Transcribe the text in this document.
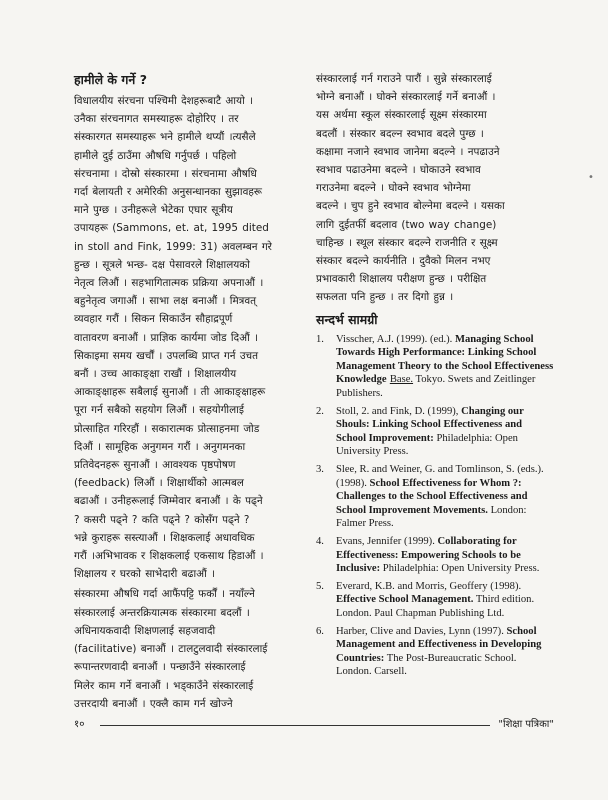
हामीले के गर्ने ?
विधालयीय संरचना पश्चिमी देशहरूबाटै आयो ।
उनैका संरचनागत समस्याहरू दोहोरिए । तर
संस्कारगत समस्याहरू भने हामीले थप्यौं ।त्यसैले
हामीले दुई ठाउँमा औषधि गर्नुपर्छ । पहिलो
संरचनामा । दोस्रो संस्कारमा । संरचनामा औषधि
गर्दा बेलायती र अमेरिकी अनुसन्धानका सुझावहरू
माने पुग्छ । उनीहरूले भेटेका एघार सूत्रीय
उपायहरू (Sammons, et. at, 1995 dited
in stoll and Fink, 1999: 31) अवलम्बन गरे
हुन्छ । सूत्रले भन्छ- दक्ष पेसावरले शिक्षालयको
नेतृत्व लिऔं । सहभागितात्मक प्रक्रिया अपनाऔं ।
बहुनेतृत्व जगाऔं । साभा लक्ष बनाऔं । मित्रवत्
व्यवहार गरौं । सिकन सिकाउँन सौहाद्रपूर्ण
वातावरण बनाऔं । प्राज्ञिक कार्यमा जोड दिऔं ।
सिकाइमा समय खर्चौं । उपलब्धि प्राप्त गर्न उचत
बनौं । उच्च आकाङ्क्षा राखौं । शिक्षालयीय
आकाङ्क्षाहरू सबैलाई सुनाऔं । ती आकाङ्क्षाहरू
पूरा गर्न सबैको सहयोग लिऔं । सहयोगीलाई
प्रोत्साहित गरिरहौं । सकारात्मक प्रोत्साहनमा जोड
दिऔं । सामूहिक अनुगमन गरौं । अनुगमनका
प्रतिवेदनहरू सुनाऔं । आवश्यक पृष्ठपोषण
(feedback) लिऔं । शिक्षार्थीको आत्मबल
बढाऔं । उनीहरूलाई जिम्मेवार बनाऔं । के पढ्ने
? कसरी पढ्ने ? कति पढ्ने ? कोसँग पढ्ने ?
भन्ने कुराहरू सस्त्याऔं । शिक्षकलाई अधावधिक
गरौं ।अभिभावक र शिक्षकलाई एकसाथ हिडाऔं ।
शिक्षालय र घरको साभेदारी बढाऔं ।
संस्कारमा औषधि गर्दा आफैंपट्टि फर्कौं । नयाँल्ने
संस्कारलाई अन्तरक्रियात्मक संस्कारमा बदलौं ।
अधिनायकवादी शिक्षणलाई सहजवादी
(facilitative) बनाऔं । टालटुलवादी संस्कारलाई
रूपान्तरणवादी बनाऔं । पन्छाउँने संस्कारलाई
मिलेर काम गर्ने बनाऔं । भड्काउँने संस्कारलाई
उत्तरदायी बनाऔं । एक्लै काम गर्न खोज्ने
संस्कारलाई गर्न गराउने पारौं । सुन्ने संस्कारलाई
भोग्ने बनाऔं । घोक्ने संस्कारलाई गर्ने बनाऔं ।
यस अर्थमा स्कूल संस्कारलाई सूक्ष्म संस्कारमा
बदलौं । संस्कार बदल्न स्वभाव बदले पुग्छ ।
कक्षामा नजाने स्वभाव जानेमा बदल्ने । नपढाउने
स्वभाव पढाउनेमा बदल्ने । घोकाउने स्वभाव
गराउनेमा बदल्ने । घोक्ने स्वभाव भोग्नेमा
बदल्ने । चुप हुने स्वभाव बोल्नेमा बदल्ने । यसका
लागि दुईतर्फी बदलाव (two way change)
चाहिन्छ । स्थूल संस्कार बदल्ने राजनीति र सूक्ष्म
संस्कार बदल्ने कार्यनीति । दुवैको मिलन नभए
प्रभावकारी शिक्षालय परीक्षण हुन्छ । परीक्षित
सफलता पनि हुन्छ । तर दिगो हुन्न ।
सन्दर्भ सामग्री
1.	Visscher, A.J. (1999). (ed.). Managing School Towards High Performance: Linking School Management Theory to the School Effectiveness Knowledge Base. Tokyo. Swets and Zeitlinger Publishers.
2.	Stoll, 2. and Fink, D. (1999), Changing our Shouls: Linking School Effectiveness and School Improvement: Philadelphia: Open University Press.
3.	Slee, R. and Weiner, G. and Tomlinson, S. (eds.). (1998). School Effectiveness for Whom ?: Challenges to the School Effectiveness and School Improvement Movements. London: Falmer Press.
4.	Evans, Jennifer (1999). Collaborating for Effectiveness: Empowering Schools to be Inclusive: Philadelphia: Open University Press.
5.	Everard, K.B. and Morris, Geoffery (1998). Effective School Management. Third edition. London. Paul Chapman Publishing Ltd.
6.	Harber, Clive and Davies, Lynn (1997). School Management and Effectiveness in Developing Countries: The Post-Bureaucratic School. London. Carsell.
•
१०	"शिक्षा पत्रिका"
